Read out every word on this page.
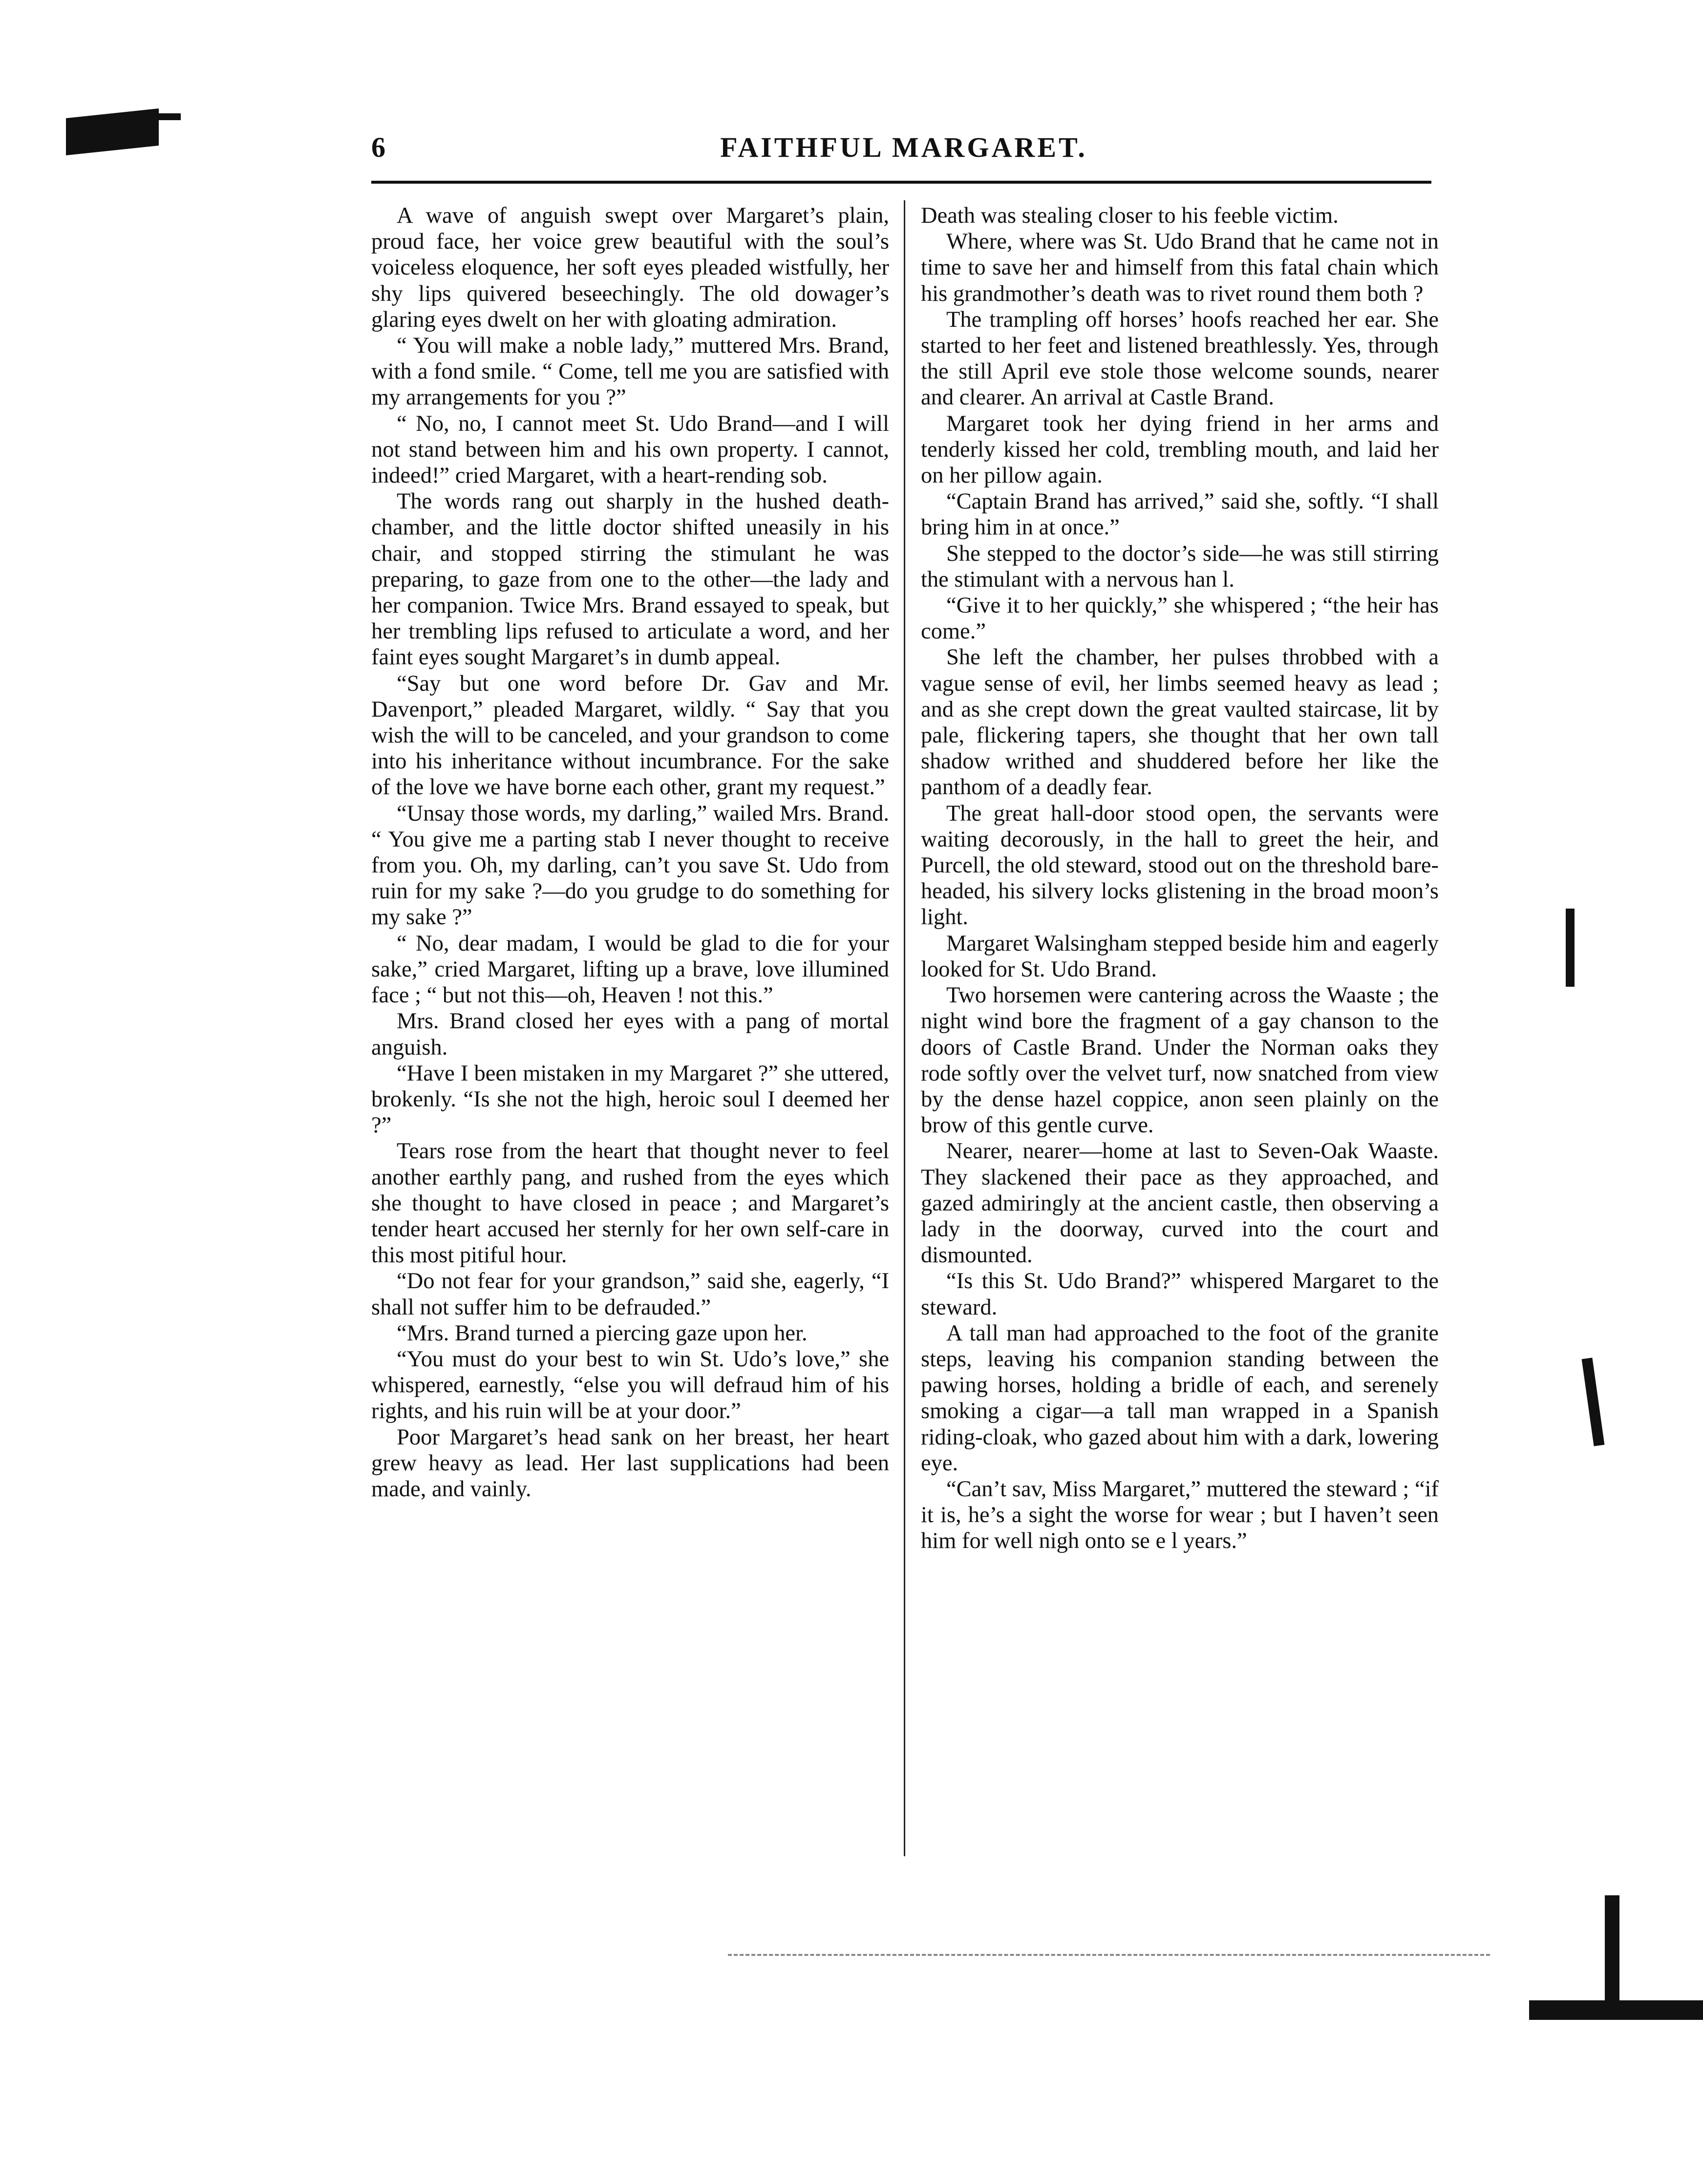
6	FAITHFUL MARGARET.

A wave of anguish swept over Margaret’s plain, proud face, her voice grew beautiful with the soul’s voiceless eloquence, her soft eyes pleaded wistfully, her shy lips quivered beseechingly. The old dowager’s glaring eyes dwelt on her with gloating admiration.

“ You will make a noble lady,” muttered Mrs. Brand, with a fond smile. “ Come, tell me you are satisfied with my arrangements for you ?”

“ No, no, I cannot meet St. Udo Brand—and I will not stand between him and his own property. I cannot, indeed!” cried Margaret, with a heart-rending sob.

The words rang out sharply in the hushed death-chamber, and the little doctor shifted uneasily in his chair, and stopped stirring the stimulant he was preparing, to gaze from one to the other—the lady and her companion. Twice Mrs. Brand essayed to speak, but her trembling lips refused to articulate a word, and her faint eyes sought Margaret’s in dumb appeal.

“Say but one word before Dr. Gav and Mr. Davenport,” pleaded Margaret, wildly. “ Say that you wish the will to be canceled, and your grandson to come into his inheritance without incumbrance. For the sake of the love we have borne each other, grant my request.”

“Unsay those words, my darling,” wailed Mrs. Brand. “ You give me a parting stab I never thought to receive from you. Oh, my darling, can’t you save St. Udo from ruin for my sake ?—do you grudge to do something for my sake ?”

“ No, dear madam, I would be glad to die for your sake,” cried Margaret, lifting up a brave, love illumined face ; “ but not this—oh, Heaven ! not this.”

Mrs. Brand closed her eyes with a pang of mortal anguish.

“Have I been mistaken in my Margaret ?” she uttered, brokenly. “Is she not the high, heroic soul I deemed her ?”

Tears rose from the heart that thought never to feel another earthly pang, and rushed from the eyes which she thought to have closed in peace ; and Margaret’s tender heart accused her sternly for her own self-care in this most pitiful hour.

“Do not fear for your grandson,” said she, eagerly, “I shall not suffer him to be defrauded.”

“Mrs. Brand turned a piercing gaze upon her.

“You must do your best to win St. Udo’s love,” she whispered, earnestly, “else you will defraud him of his rights, and his ruin will be at your door.”

Poor Margaret’s head sank on her breast, her heart grew heavy as lead. Her last supplications had been made, and vainly.

Death was stealing closer to his feeble victim.

Where, where was St. Udo Brand that he came not in time to save her and himself from this fatal chain which his grandmother’s death was to rivet round them both ?

The trampling off horses’ hoofs reached her ear. She started to her feet and listened breathlessly. Yes, through the still April eve stole those welcome sounds, nearer and clearer. An arrival at Castle Brand.

Margaret took her dying friend in her arms and tenderly kissed her cold, trembling mouth, and laid her on her pillow again.

“Captain Brand has arrived,” said she, softly. “I shall bring him in at once.”

She stepped to the doctor’s side—he was still stirring the stimulant with a nervous han l.

“Give it to her quickly,” she whispered ; “the heir has come.”

She left the chamber, her pulses throbbed with a vague sense of evil, her limbs seemed heavy as lead ; and as she crept down the great vaulted staircase, lit by pale, flickering tapers, she thought that her own tall shadow writhed and shuddered before her like the panthom of a deadly fear.

The great hall-door stood open, the servants were waiting decorously, in the hall to greet the heir, and Purcell, the old steward, stood out on the threshold bare-headed, his silvery locks glistening in the broad moon’s light.

Margaret Walsingham stepped beside him and eagerly looked for St. Udo Brand.

Two horsemen were cantering across the Waaste ; the night wind bore the fragment of a gay chanson to the doors of Castle Brand. Under the Norman oaks they rode softly over the velvet turf, now snatched from view by the dense hazel coppice, anon seen plainly on the brow of this gentle curve.

Nearer, nearer—home at last to Seven-Oak Waaste. They slackened their pace as they approached, and gazed admiringly at the ancient castle, then observing a lady in the doorway, curved into the court and dismounted.

“Is this St. Udo Brand?” whispered Margaret to the steward.

A tall man had approached to the foot of the granite steps, leaving his companion standing between the pawing horses, holding a bridle of each, and serenely smoking a cigar—a tall man wrapped in a Spanish riding-cloak, who gazed about him with a dark, lowering eye.

“Can’t sav, Miss Margaret,” muttered the steward ; “if it is, he’s a sight the worse for wear ; but I haven’t seen him for well nigh onto se e l years.”
